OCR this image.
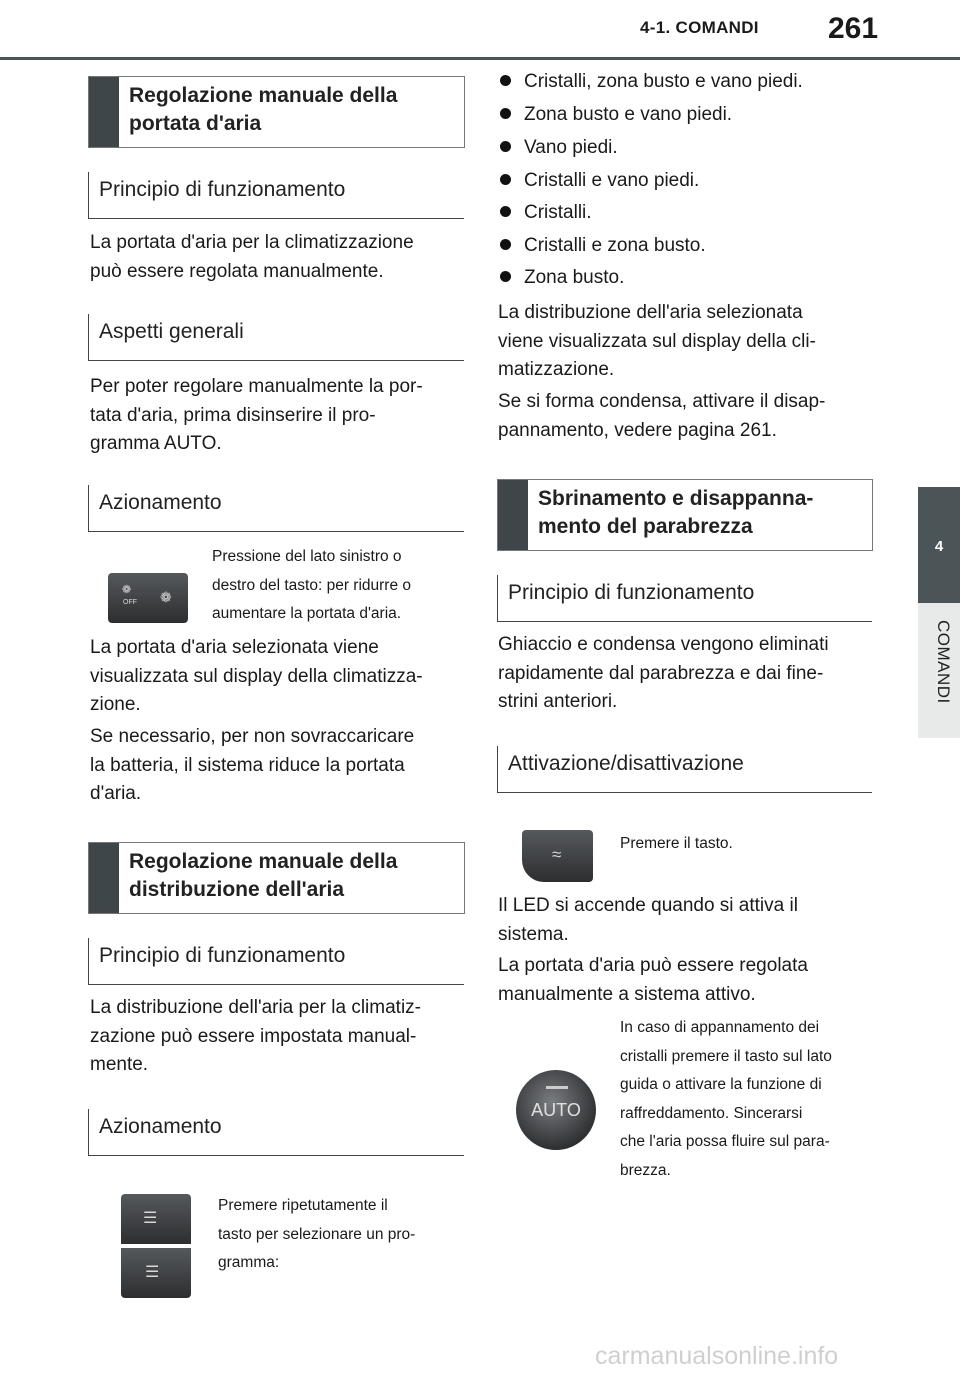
4-1. COMANDI 261
4
COMANDI
Regolazione manuale della portata d'aria
Principio di funzionamento
La portata d'aria per la climatizzazione
può essere regolata manualmente.
Aspetti generali
Per poter regolare manualmente la por-
tata d'aria, prima disinserire il pro-
gramma AUTO.
Azionamento
❁
OFF ❁
Pressione del lato sinistro o
destro del tasto: per ridurre o
aumentare la portata d'aria.
La portata d'aria selezionata viene
visualizzata sul display della climatizza-
zione.
Se necessario, per non sovraccaricare
la batteria, il sistema riduce la portata
d'aria.
Regolazione manuale della distribuzione dell'aria
Principio di funzionamento
La distribuzione dell'aria per la climatiz-
zazione può essere impostata manual-
mente.
Azionamento
☰
☰
Premere ripetutamente il
tasto per selezionare un pro-
gramma:
Cristalli, zona busto e vano piedi.
Zona busto e vano piedi.
Vano piedi.
Cristalli e vano piedi.
Cristalli.
Cristalli e zona busto.
Zona busto.
La distribuzione dell'aria selezionata
viene visualizzata sul display della cli-
matizzazione.
Se si forma condensa, attivare il disap-
pannamento, vedere pagina 261.
Sbrinamento e disappanna-
mento del parabrezza
Principio di funzionamento
Ghiaccio e condensa vengono eliminati
rapidamente dal parabrezza e dai fine-
strini anteriori.
Attivazione/disattivazione
≈
Premere il tasto.
Il LED si accende quando si attiva il
sistema.
La portata d'aria può essere regolata
manualmente a sistema attivo.
AUTO
In caso di appannamento dei
cristalli premere il tasto sul lato
guida o attivare la funzione di
raffreddamento. Sincerarsi
che l'aria possa fluire sul para-
brezza.
carmanualsonline.info
